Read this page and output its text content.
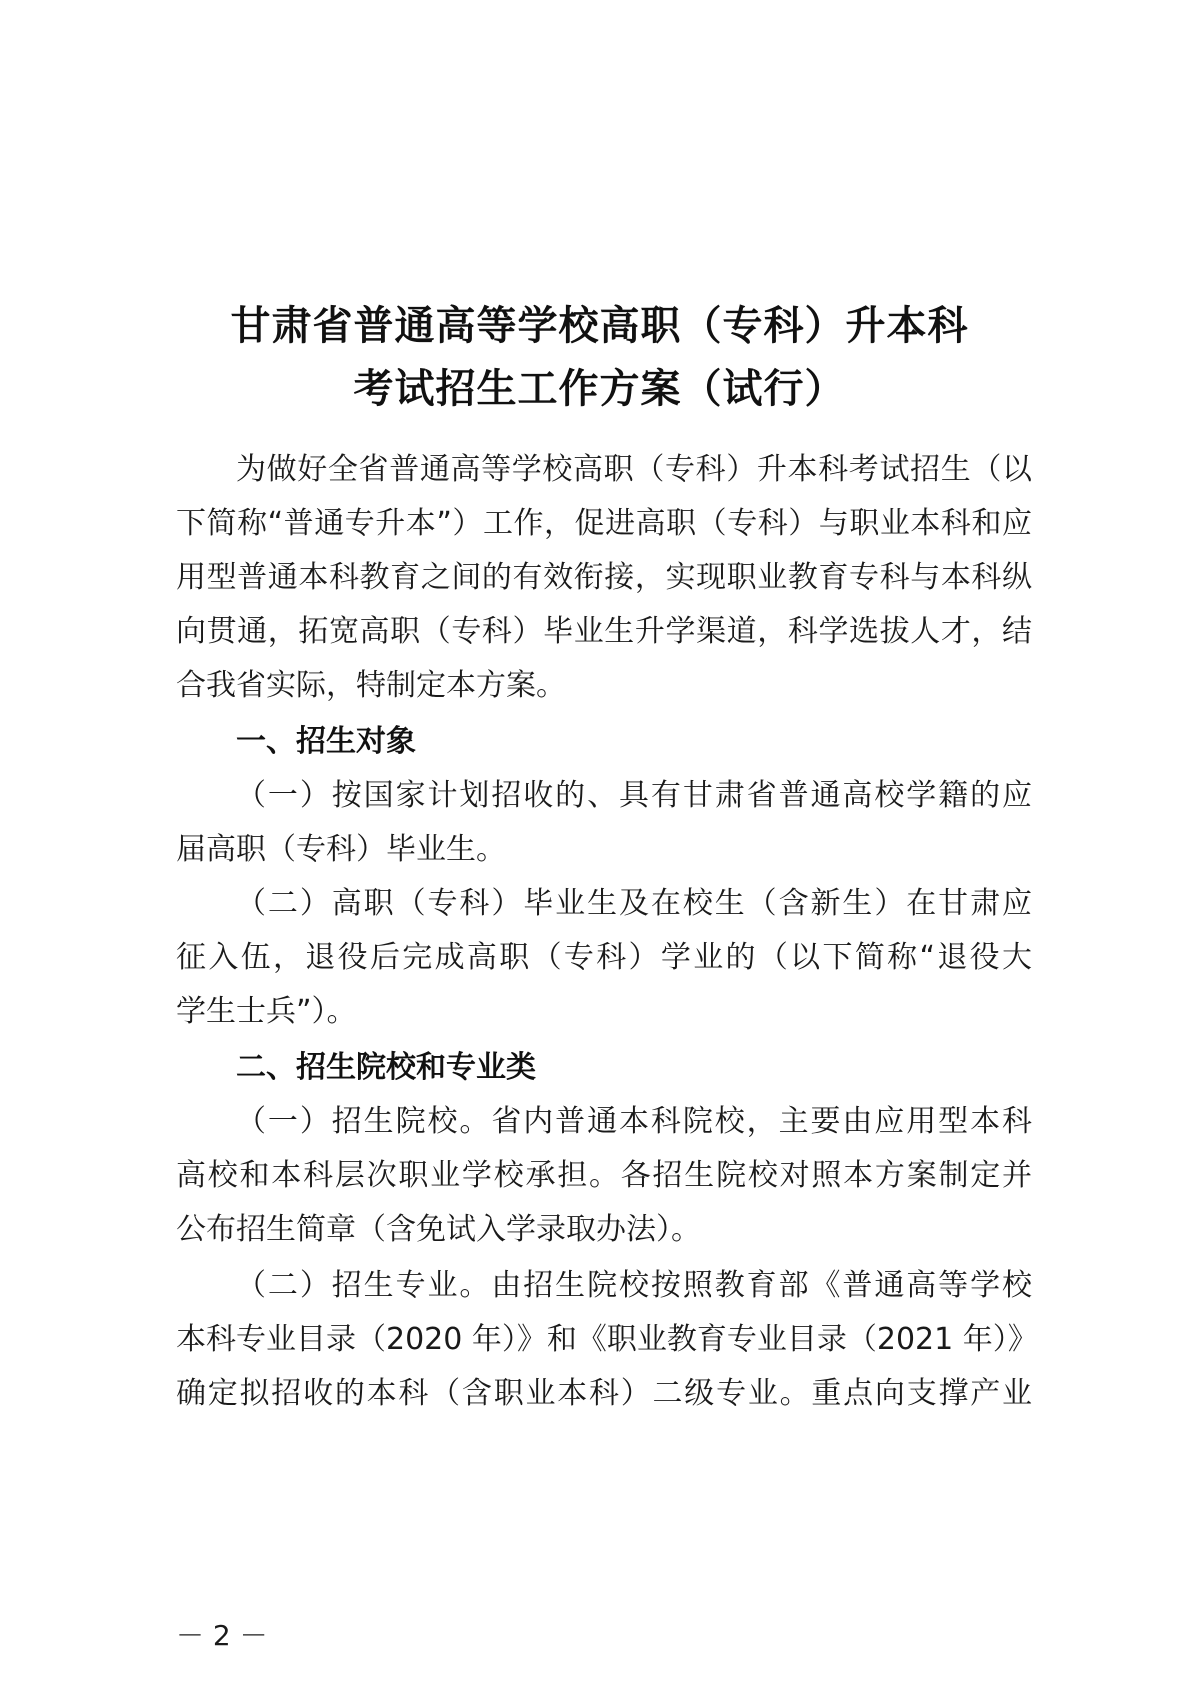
甘肃省普通高等学校高职（专科）升本科
考试招生工作方案（试行）
为做好全省普通高等学校高职（专科）升本科考试招生（以
下简称“普通专升本”）工作，促进高职（专科）与职业本科和应
用型普通本科教育之间的有效衔接，实现职业教育专科与本科纵
向贯通，拓宽高职（专科）毕业生升学渠道，科学选拔人才，结
合我省实际，特制定本方案。
一、招生对象
（一）按国家计划招收的、具有甘肃省普通高校学籍的应
届高职（专科）毕业生。
（二）高职（专科）毕业生及在校生（含新生）在甘肃应
征入伍，退役后完成高职（专科）学业的（以下简称“退役大
学生士兵”）。
二、招生院校和专业类
（一）招生院校。省内普通本科院校，主要由应用型本科
高校和本科层次职业学校承担。各招生院校对照本方案制定并
公布招生简章（含免试入学录取办法）。
（二）招生专业。由招生院校按照教育部《普通高等学校
本科专业目录（2020 年）》和《职业教育专业目录（2021 年）》
确定拟招收的本科（含职业本科）二级专业。重点向支撑产业
－ 2 －
